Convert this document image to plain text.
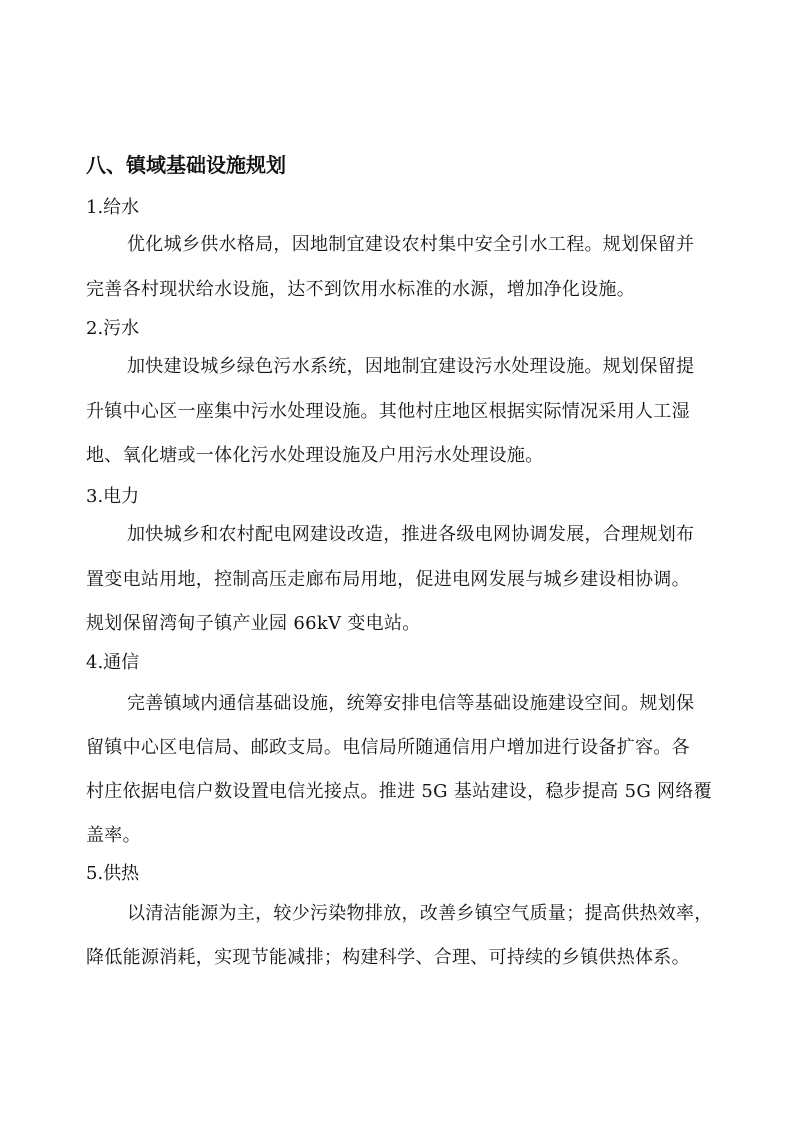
八、镇域基础设施规划
1.给水
优化城乡供水格局，因地制宜建设农村集中安全引水工程。规划保留并
完善各村现状给水设施，达不到饮用水标准的水源，增加净化设施。
2.污水
加快建设城乡绿色污水系统，因地制宜建设污水处理设施。规划保留提
升镇中心区一座集中污水处理设施。其他村庄地区根据实际情况采用人工湿
地、氧化塘或一体化污水处理设施及户用污水处理设施。
3.电力
加快城乡和农村配电网建设改造，推进各级电网协调发展，合理规划布
置变电站用地，控制高压走廊布局用地，促进电网发展与城乡建设相协调。
规划保留湾甸子镇产业园 66kV 变电站。
4.通信
完善镇域内通信基础设施，统筹安排电信等基础设施建设空间。规划保
留镇中心区电信局、邮政支局。电信局所随通信用户增加进行设备扩容。各
村庄依据电信户数设置电信光接点。推进 5G 基站建设，稳步提高 5G 网络覆
盖率。
5.供热
以清洁能源为主，较少污染物排放，改善乡镇空气质量；提高供热效率，
降低能源消耗，实现节能减排；构建科学、合理、可持续的乡镇供热体系。
